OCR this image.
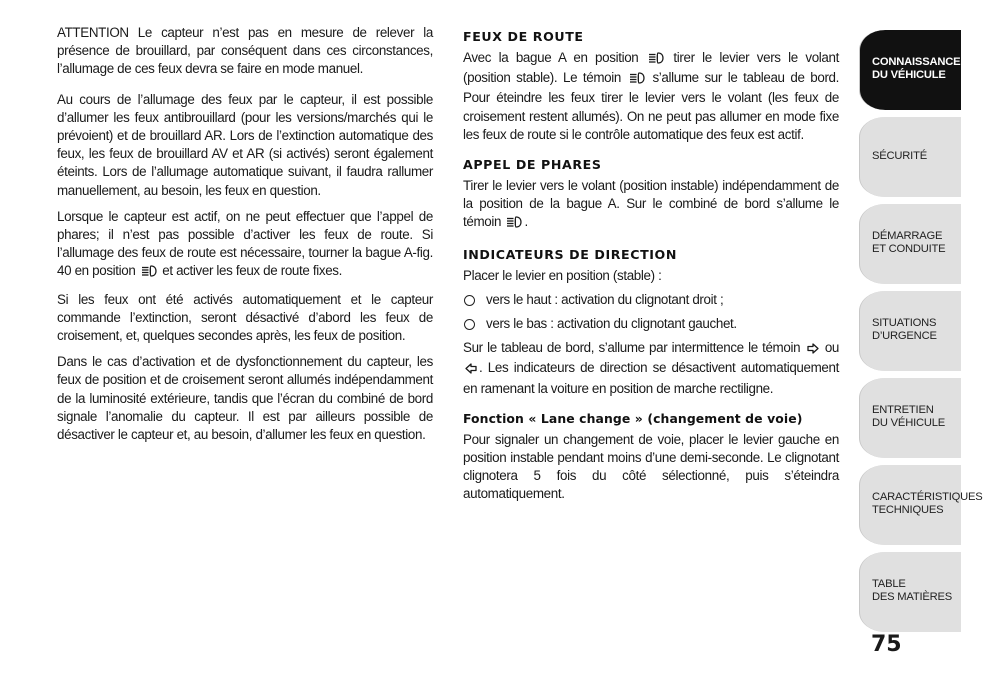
ATTENTION Le capteur n’est pas en mesure de relever la présence de brouillard, par conséquent dans ces circonstances, l’allumage de ces feux devra se faire en mode manuel.

Au cours de l’allumage des feux par le capteur, il est possible d’allumer les feux antibrouillard (pour les versions/marchés qui le prévoient) et de brouillard AR. Lors de l’extinction automatique des feux, les feux de brouillard AV et AR (si activés) seront également éteints. Lors de l’allumage automatique suivant, il faudra rallumer manuellement, au besoin, les feux en question.

Lorsque le capteur est actif, on ne peut effectuer que l’appel de phares; il n’est pas possible d’activer les feux de route. Si l’allumage des feux de route est nécessaire, tourner la bague A-fig. 40 en position et activer les feux de route fixes.

Si les feux ont été activés automatiquement et le capteur commande l’extinction, seront désactivé d’abord les feux de croisement, et, quelques secondes après, les feux de position.

Dans le cas d’activation et de dysfonctionnement du capteur, les feux de position et de croisement seront allumés indépendamment de la luminosité extérieure, tandis que l’écran du combiné de bord signale l’anomalie du capteur. Il est par ailleurs possible de désactiver le capteur et, au besoin, d’allumer les feux en question.

FEUX DE ROUTE

Avec la bague A en position	tirer le levier vers le volant (position stable). Le témoin s’allume sur le tableau de bord. Pour éteindre les feux tirer le levier vers le volant (les feux de croisement restent allumés). On ne peut pas allumer en mode fixe les feux de route si le contrôle automatique des feux est actif.

APPEL DE PHARES

Tirer le levier vers le volant (position instable) indépendamment de la position de la bague A. Sur le combiné de bord s’allume le témoin .

INDICATEURS DE DIRECTION

Placer le levier en position (stable) :

vers le haut : activation du clignotant droit ;
vers le bas : activation du clignotant gauchet.

Sur le tableau de bord, s’allume par intermittence le témoin ou . Les indicateurs de direction se désactivent automatiquement en ramenant la voiture en position de marche rectiligne.

Fonction « Lane change » (changement de voie)

Pour signaler un changement de voie, placer le levier gauche en position instable pendant moins d’une demi-seconde. Le clignotant clignotera 5 fois du côté sélectionné, puis s’éteindra automatiquement.

CONNAISSANCE
DU VÉHICULE
SÉCURITÉ
DÉMARRAGE
ET CONDUITE
SITUATIONS
D’URGENCE
ENTRETIEN
DU VÉHICULE
CARACTÉRISTIQUES
TECHNIQUES
TABLE
DES MATIÈRES
75
